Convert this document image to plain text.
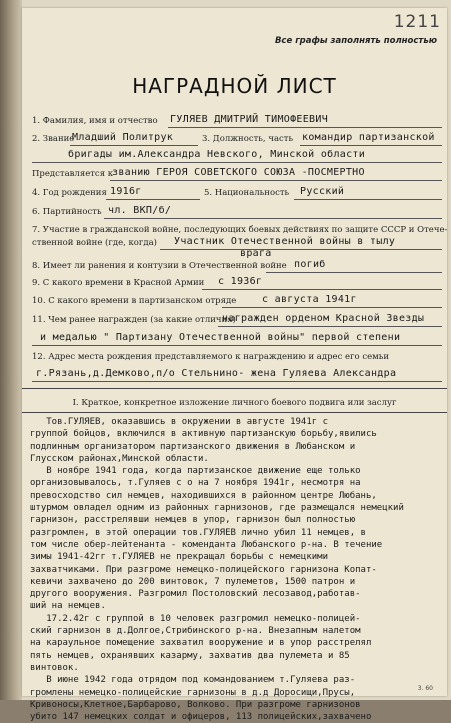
1211
Все графы заполнять полностью
НАГРАДНОЙ ЛИСТ
1. Фамилия, имя и отчество ГУЛЯЕВ ДМИТРИЙ ТИМОФЕЕВИЧ
2. Звание
Младший Политрук	3. Должность, часть командир партизанской
бригады им.Александра Невского, Минской области
Представляется к
званию ГЕРОЯ СОВЕТСКОГО СОЮЗА -ПОСМЕРТНО
4. Год рождения 1916г	5. Национальность Русский
6. Партийность чл. ВКП/б/
7. Участие в гражданской войне, последующих боевых действиях по защите СССР и Отече-
ственной войне (где, когда) Участник Отечественной войны в тылу
врага
8. Имеет ли ранения и контузии в Отечественной войне погиб
9. С какого времени в Красной Армии с 1936г
10. С какого времени в партизанском отряде	с августа 1941г
11. Чем ранее награжден (за какие отличия)
награжден орденом Красной Звезды
и медалью " Партизану Отечественной войны" первой степени
12. Адрес места рождения представляемого к награждению и адрес его семьи
г.Рязань,д.Демково,п/о Стельнино- жена Гуляева Александра
I. Краткое, конкретное изложение личного боевого подвига или заслуг
Тов.ГУЛЯЕВ, оказавшись в окружении в августе 1941г с
группой бойцов, включился в активную партизанскую борьбу,явились
подлинным организатором партизанского движения в Любанском и
Глусском районах,Минской области.
В ноябре 1941 года, когда партизанское движение еще только
организовывалось, т.Гуляев с о на 7 ноября 1941г, несмотря на
превосходство сил немцев, находившихся в районном центре Любань,
штурмом овладел одним из районных гарнизонов, где размещался немецкий
гарнизон, расстрелявши немцев в упор, гарнизон был полностью
разгромлен, в этой операции тов.ГУЛЯЕВ лично убил 11 немцев, в
том числе обер-лейтенанта - коменданта Любанского р-на. В течение
зимы 1941-42гг т.ГУЛЯЕВ не прекращал борьбы с немецкими
захватчиками. При разгроме немецко-полицейского гарнизона Копат-
кевичи захвачено до 200 винтовок, 7 пулеметов, 1500 патрон и
другого вооружения. Разгромил Постоловский лесозавод,работав-
ший на немцев.
17.2.42г с группой в 10 человек разгромил немецко-полицей-
ский гарнизон в д.Долгое,Стрибинского р-на. Внезапным налетом
на караульное помещение захватил вооружение и в упор расстрелял
пять немцев, охранявших казарму, захватив два пулемета и 85
винтовок.
В июне 1942 года отрядом под командованием т.Гуляева раз-
громлены немецко-полицейские гарнизоны в д.д Доросищи,Прусы,
Кривоносы,Клетное,Барбарово, Волково. При разгроме гарнизонов
убито 147 немецких солдат и офицеров, 113 полицейских,захвачено
3. 60
